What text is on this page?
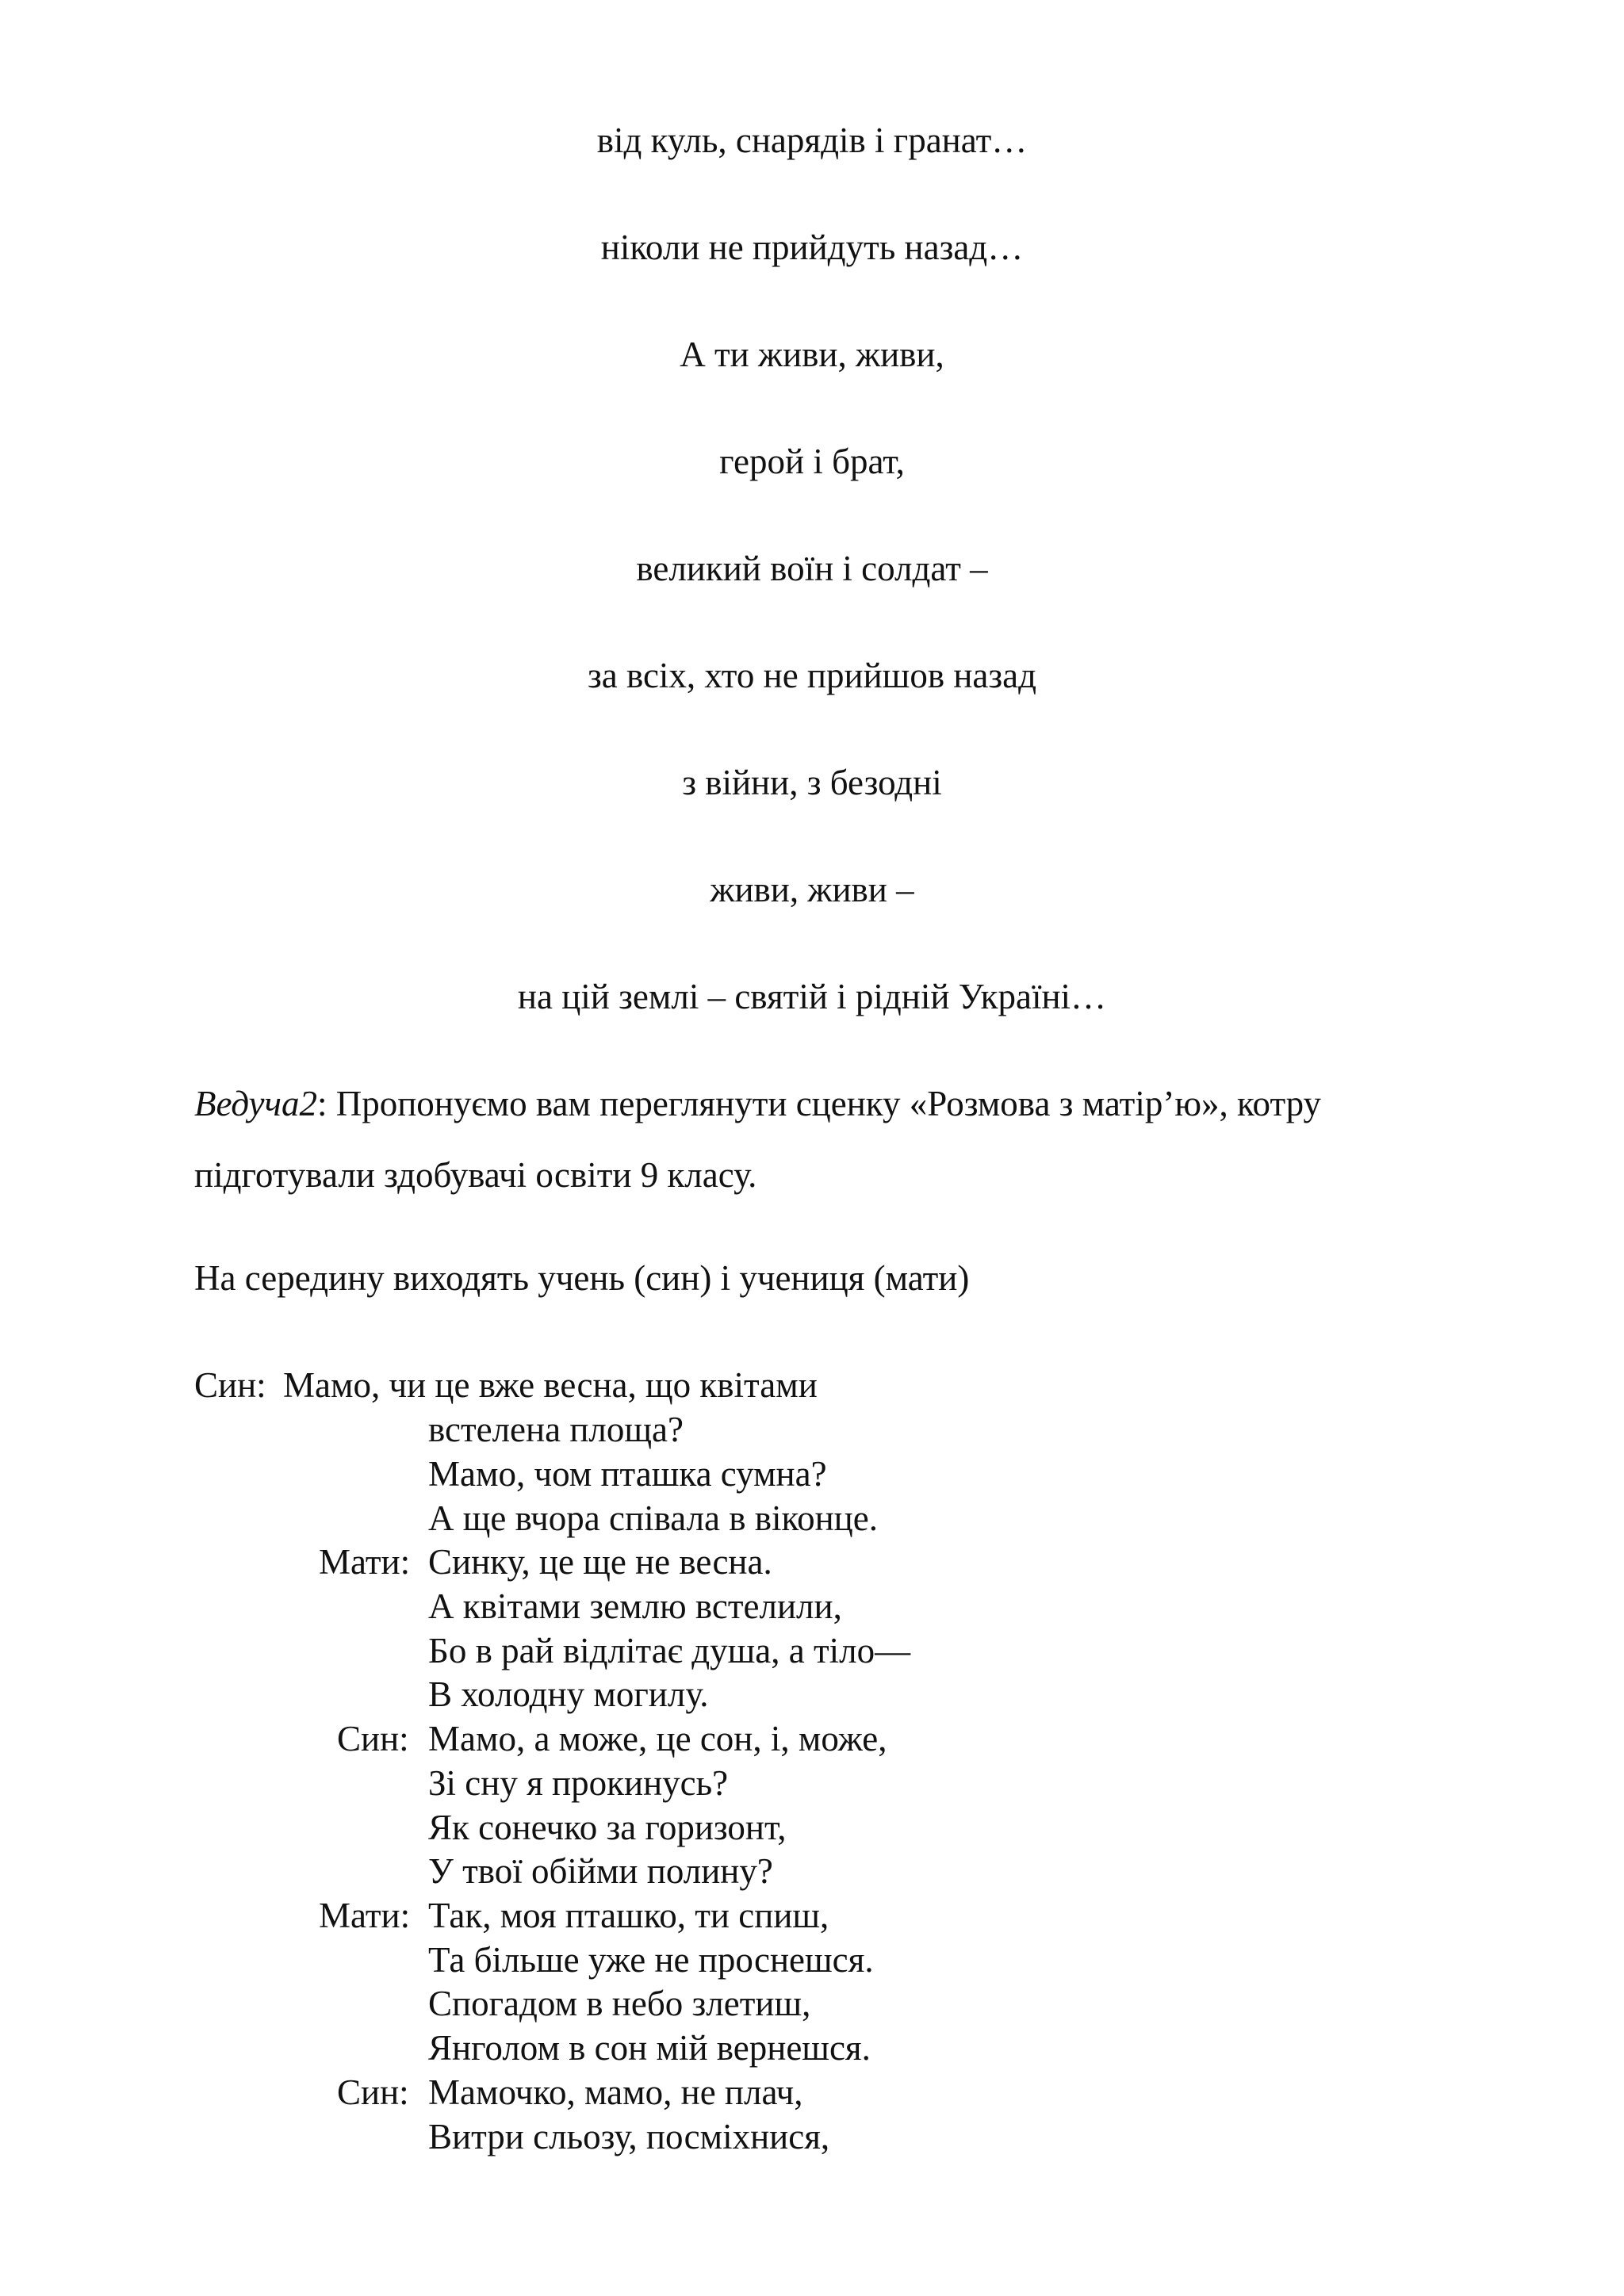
від куль, снарядів і гранат…
ніколи не прийдуть назад…
А ти живи, живи,
герой і брат,
великий воїн і солдат –
за всіх, хто не прийшов назад
з війни, з безодні
живи, живи –
на цій землі – святій і рідній Україні…
Ведуча2: Пропонуємо вам переглянути сценку «Розмова з матір’ю», котру
підготували здобувачі освіти 9 класу.
На середину виходять учень (син) і учениця (мати)
Син:
Мати:
Син:
Мати:
Син:
Мамо, чи це вже весна, що квітами
встелена площа?
Мамо, чом пташка сумна?
А ще вчора співала в віконце.
Синку, це ще не весна.
А квітами землю встелили,
Бо в рай відлітає душа, а тіло—
В холодну могилу.
Мамо, а може, це сон, і, може,
Зі сну я прокинусь?
Як сонечко за горизонт,
У твої обійми полину?
Так, моя пташко, ти спиш,
Та більше уже не проснешся.
Спогадом в небо злетиш,
Янголом в сон мій вернешся.
Мамочко, мамо, не плач,
Витри сльозу, посміхнися,
